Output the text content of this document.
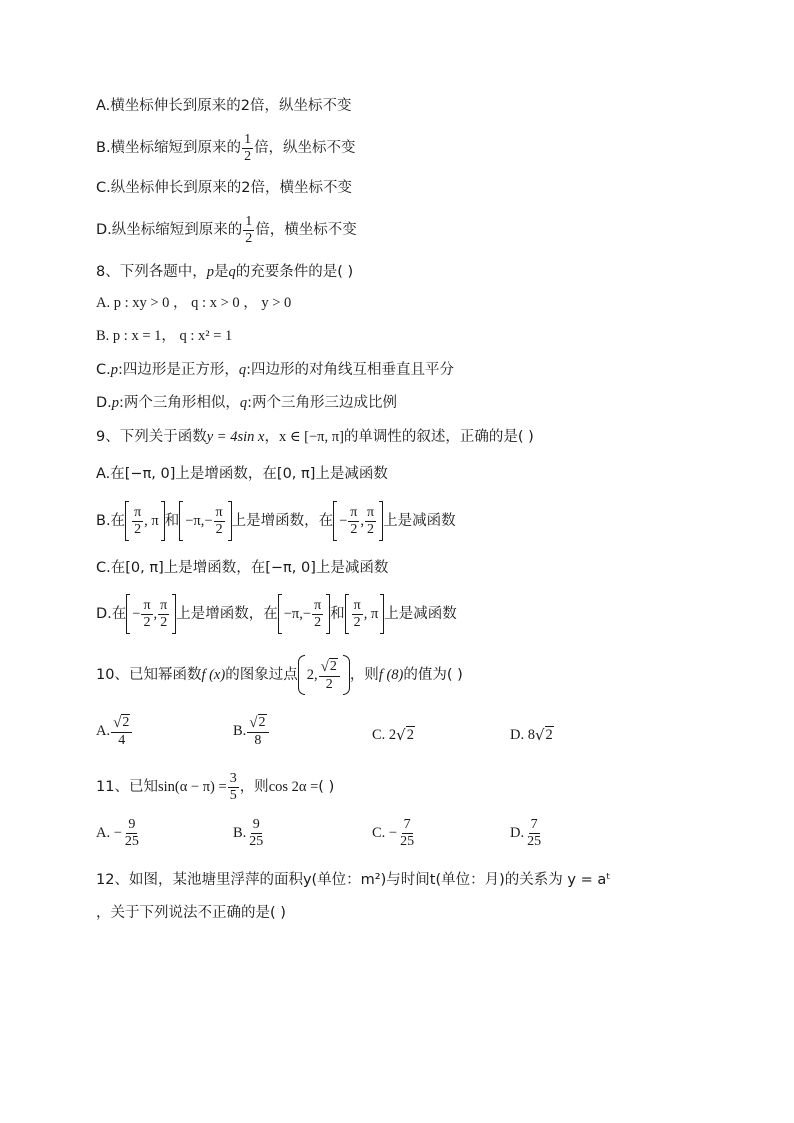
A.横坐标伸长到原来的2倍，纵坐标不变
B.横坐标缩短到原来的 $\frac{1}{2}$ 倍，纵坐标不变
C.纵坐标伸长到原来的2倍，横坐标不变
D.纵坐标缩短到原来的 $\frac{1}{2}$ 倍，横坐标不变
8、下列各题中， p 是 q 的充要条件的是( )
A. p : xy > 0 ， q : x > 0 ， y > 0
B. p : x = 1， q : x² = 1
C. p :四边形是正方形， q :四边形的对角线互相垂直且平分
D. p :两个三角形相似， q :两个三角形三边成比例
9、下列关于函数 y = 4sin x ， x ∈ [−π, π] 的单调性的叙述，正确的是( )
A.在[−π, 0]上是增函数，在[0, π]上是减函数
B.在 $\frac{\pi}{2}$ , π 和 −π, − $\frac{\pi}{2}$ 上是增函数，在 − $\frac{\pi}{2}$ , $\frac{\pi}{2}$ 上是减函数
C.在[0, π]上是增函数，在[−π, 0]上是减函数
D.在 − $\frac{\pi}{2}$ , $\frac{\pi}{2}$ 上是增函数，在 −π, − $\frac{\pi}{2}$ 和 $\frac{\pi}{2}$ , π 上是减函数
10、已知幂函数 f (x) 的图象过点 2, $\frac{√ 2}{2}$ ，则 f (8) 的值为( )
A. $\frac{√ 2}{4}$	B. $\frac{√ 2}{8}$	C. 2 √ 2	D. 8 √ 2
11、已知 $\sin(\alpha - \pi) = \frac{3}{5}$ ，则 cos 2α = ( )
A. − $\frac{9}{25}$	B. $\frac{9}{25}$	C. − $\frac{7}{25}$	D. $\frac{7}{25}$
12、如图，某池塘里浮萍的面积y(单位：m²)与时间t(单位：月)的关系为 y = aᵗ
，关于下列说法不正确的是( )
